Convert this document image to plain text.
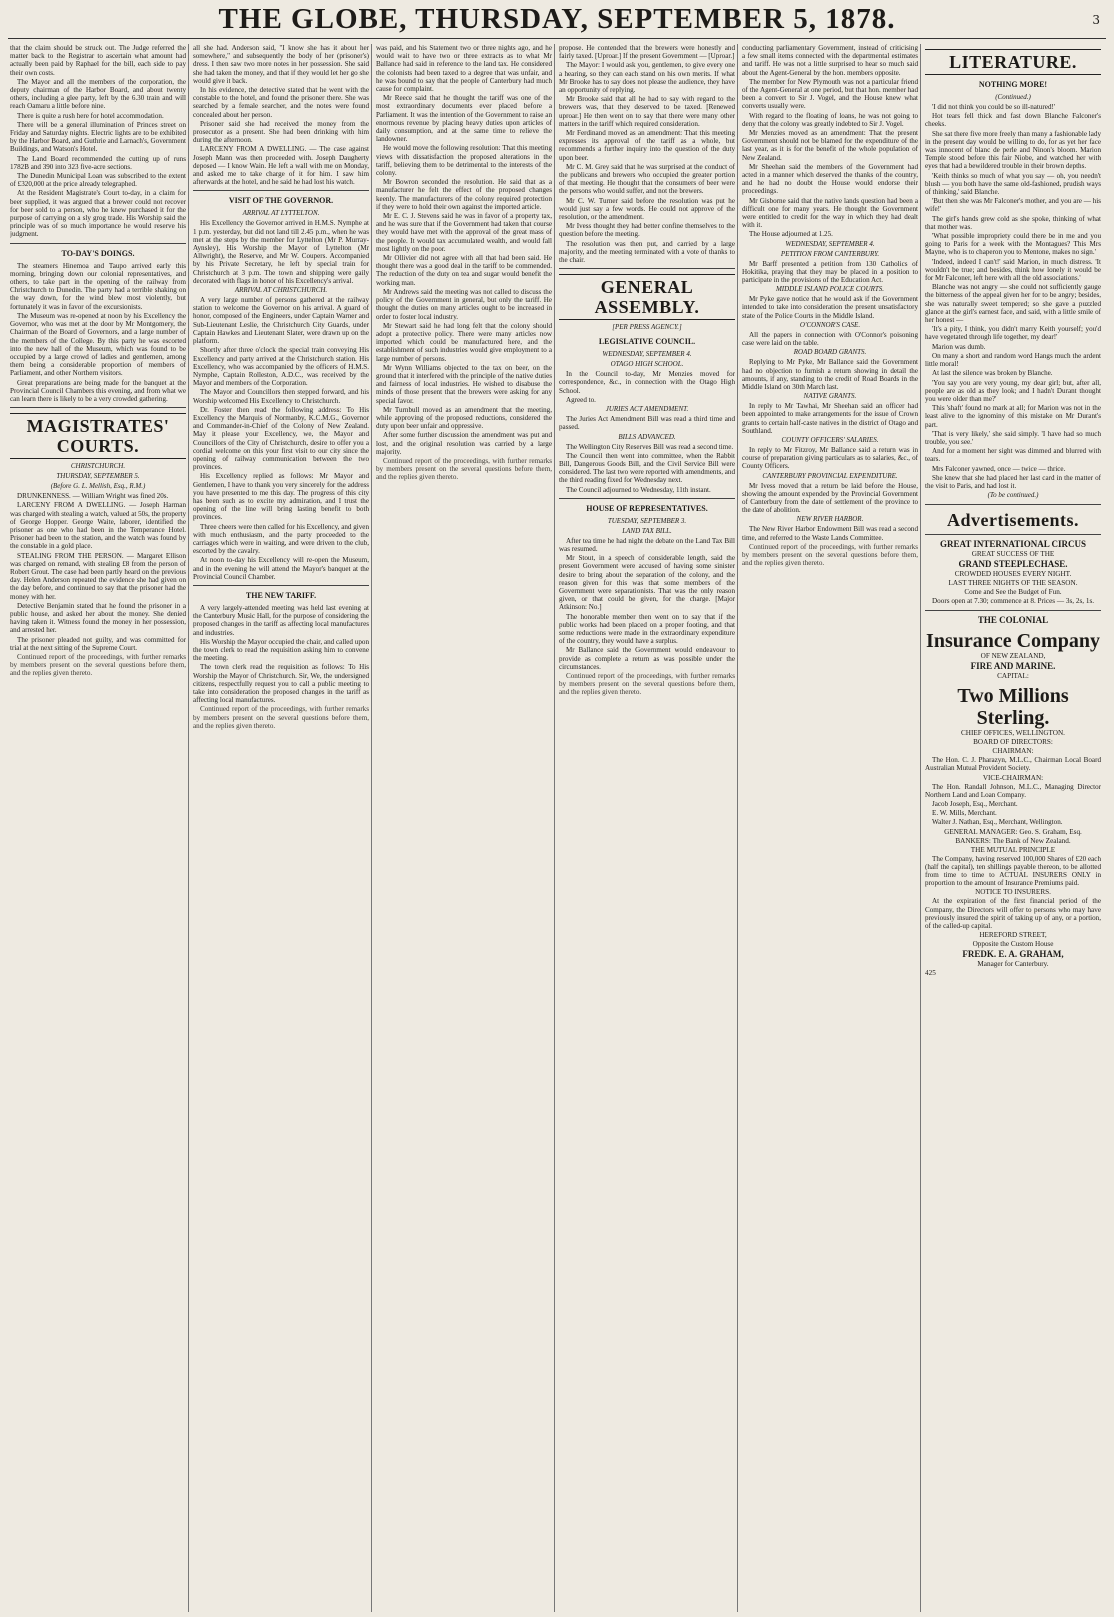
THE GLOBE, THURSDAY, SEPTEMBER 5, 1878.	3

that the claim should be struck out. The Judge referred the matter back to the Registrar to ascertain what amount had actually been paid by Raphael for the bill, each side to pay their own costs.

The Mayor and all the members of the corporation, the deputy chairman of the Harbor Board, and about twenty others, including a glee party, left by the 6.30 train and will reach Oamaru a little before nine.

There is quite a rush here for hotel accommodation.

There will be a general illumination of Princes street on Friday and Saturday nights. Electric lights are to be exhibited by the Harbor Board, and Guthrie and Larnach's, Government Buildings, and Watson's Hotel.

The Land Board recommended the cutting up of runs 1782B and 390 into 323 five-acre sections.

The Dunedin Municipal Loan was subscribed to the extent of £320,000 at the price already telegraphed.

At the Resident Magistrate's Court to-day, in a claim for beer supplied, it was argued that a brewer could not recover for beer sold to a person, who he knew purchased it for the purpose of carrying on a sly grog trade. His Worship said the principle was of so much importance he would reserve his judgment.

TO-DAY'S DOINGS.

The steamers Hinemoa and Taupo arrived early this morning, bringing down our colonial representatives, and others, to take part in the opening of the railway from Christchurch to Dunedin. The party had a terrible shaking on the way down, for the wind blew most violently, but fortunately it was in favor of the excursionists.

The Museum was re-opened at noon by his Excellency the Governor, who was met at the door by Mr Montgomery, the Chairman of the Board of Governors, and a large number of the members of the College. By this party he was escorted into the new hall of the Museum, which was found to be occupied by a large crowd of ladies and gentlemen, among them being a considerable proportion of members of Parliament, and other Northern visitors.

Great preparations are being made for the banquet at the Provincial Council Chambers this evening, and from what we can learn there is likely to be a very crowded gathering.

MAGISTRATES' COURTS.
CHRISTCHURCH.
THURSDAY, SEPTEMBER 5.
(Before G. L. Mellish, Esq., R.M.)

DRUNKENNESS. — William Wright was fined 20s.

LARCENY FROM A DWELLING. — Joseph Harman was charged with stealing a watch, valued at 50s, the property of George Hopper. George Waite, laborer, identified the prisoner as one who had been in the Temperance Hotel. Prisoner had been to the station, and the watch was found by the constable in a gold place.

STEALING FROM THE PERSON. — Margaret Ellison was charged on remand, with stealing £8 from the person of Robert Grout. The case had been partly heard on the previous day. Helen Anderson repeated the evidence she had given on the day before, and continued to say that the prisoner had the money with her.

Detective Benjamin stated that he found the prisoner in a public house, and asked her about the money. She denied having taken it. Witness found the money in her possession, and arrested her.

The prisoner pleaded not guilty, and was committed for trial at the next sitting of the Supreme Court.

Continued report of the proceedings, with further remarks by members present on the several questions before them, and the replies given thereto.

all she had. Anderson said, "I know she has it about her somewhere," and subsequently the body of her (prisoner's) dress. I then saw two more notes in her possession. She said she had taken the money, and that if they would let her go she would give it back.

In his evidence, the detective stated that he went with the constable to the hotel, and found the prisoner there. She was searched by a female searcher, and the notes were found concealed about her person.

Prisoner said she had received the money from the prosecutor as a present. She had been drinking with him during the afternoon.

LARCENY FROM A DWELLING. — The case against Joseph Mann was then proceeded with. Joseph Daugherty deposed — I know Wain. He left a wall with me on Monday, and asked me to take charge of it for him. I saw him afterwards at the hotel, and he said he had lost his watch.

VISIT OF THE GOVERNOR.
ARRIVAL AT LYTTELTON.

His Excellency the Governor arrived in H.M.S. Nymphe at 1 p.m. yesterday, but did not land till 2.45 p.m., when he was met at the steps by the member for Lyttelton (Mr P. Murray-Aynsley), His Worship the Mayor of Lyttelton (Mr Allwright), the Reserve, and Mr W. Coupers. Accompanied by his Private Secretary, he left by special train for Christchurch at 3 p.m. The town and shipping were gaily decorated with flags in honor of his Excellency's arrival.

ARRIVAL AT CHRISTCHURCH.

A very large number of persons gathered at the railway station to welcome the Governor on his arrival. A guard of honor, composed of the Engineers, under Captain Warner and Sub-Lieutenant Leslie, the Christchurch City Guards, under Captain Hawkes and Lieutenant Slater, were drawn up on the platform.

Shortly after three o'clock the special train conveying His Excellency and party arrived at the Christchurch station. His Excellency, who was accompanied by the officers of H.M.S. Nymphe, Captain Rolleston, A.D.C., was received by the Mayor and members of the Corporation.

The Mayor and Councillors then stepped forward, and his Worship welcomed His Excellency to Christchurch.

Dr. Foster then read the following address: To His Excellency the Marquis of Normanby, K.C.M.G., Governor and Commander-in-Chief of the Colony of New Zealand. May it please your Excellency, we, the Mayor and Councillors of the City of Christchurch, desire to offer you a cordial welcome on this your first visit to our city since the opening of railway communication between the two provinces.

His Excellency replied as follows: Mr Mayor and Gentlemen, I have to thank you very sincerely for the address you have presented to me this day. The progress of this city has been such as to excite my admiration, and I trust the opening of the line will bring lasting benefit to both provinces.

Three cheers were then called for his Excellency, and given with much enthusiasm, and the party proceeded to the carriages which were in waiting, and were driven to the club, escorted by the cavalry.

At noon to-day his Excellency will re-open the Museum, and in the evening he will attend the Mayor's banquet at the Provincial Council Chamber.

THE NEW TARIFF.

A very largely-attended meeting was held last evening at the Canterbury Music Hall, for the purpose of considering the proposed changes in the tariff as affecting local manufactures and industries.

His Worship the Mayor occupied the chair, and called upon the town clerk to read the requisition asking him to convene the meeting.

The town clerk read the requisition as follows: To His Worship the Mayor of Christchurch. Sir, We, the undersigned citizens, respectfully request you to call a public meeting to take into consideration the proposed changes in the tariff as affecting local manufactures.

Continued report of the proceedings, with further remarks by members present on the several questions before them, and the replies given thereto.

was paid, and his Statement two or three nights ago, and he would wait to have two or three extracts as to what Mr Ballance had said in reference to the land tax. He considered the colonists had been taxed to a degree that was unfair, and he was bound to say that the people of Canterbury had much cause for complaint.

Mr Reece said that he thought the tariff was one of the most extraordinary documents ever placed before a Parliament. It was the intention of the Government to raise an enormous revenue by placing heavy duties upon articles of daily consumption, and at the same time to relieve the landowner.

He would move the following resolution: That this meeting views with dissatisfaction the proposed alterations in the tariff, believing them to be detrimental to the interests of the colony.

Mr Bowron seconded the resolution. He said that as a manufacturer he felt the effect of the proposed changes keenly. The manufacturers of the colony required protection if they were to hold their own against the imported article.

Mr E. C. J. Stevens said he was in favor of a property tax, and he was sure that if the Government had taken that course they would have met with the approval of the great mass of the people. It would tax accumulated wealth, and would fall most lightly on the poor.

Mr Ollivier did not agree with all that had been said. He thought there was a good deal in the tariff to be commended. The reduction of the duty on tea and sugar would benefit the working man.

Mr Andrews said the meeting was not called to discuss the policy of the Government in general, but only the tariff. He thought the duties on many articles ought to be increased in order to foster local industry.

Mr Stewart said he had long felt that the colony should adopt a protective policy. There were many articles now imported which could be manufactured here, and the establishment of such industries would give employment to a large number of persons.

Mr Wynn Williams objected to the tax on beer, on the ground that it interfered with the principle of the native duties and fairness of local industries. He wished to disabuse the minds of those present that the brewers were asking for any special favor.

Mr Turnbull moved as an amendment that the meeting, while approving of the proposed reductions, considered the duty upon beer unfair and oppressive.

After some further discussion the amendment was put and lost, and the original resolution was carried by a large majority.

Continued report of the proceedings, with further remarks by members present on the several questions before them, and the replies given thereto.

propose. He contended that the brewers were honestly and fairly taxed. [Uproar.] If the present Government — [Uproar.]

The Mayor: I would ask you, gentlemen, to give every one a hearing, so they can each stand on his own merits. If what Mr Brooke has to say does not please the audience, they have an opportunity of replying.

Mr Brooke said that all he had to say with regard to the brewers was, that they deserved to be taxed. [Renewed uproar.] He then went on to say that there were many other matters in the tariff which required consideration.

Mr Ferdinand moved as an amendment: That this meeting expresses its approval of the tariff as a whole, but recommends a further inquiry into the question of the duty upon beer.

Mr C. M. Grey said that he was surprised at the conduct of the publicans and brewers who occupied the greater portion of that meeting. He thought that the consumers of beer were the persons who would suffer, and not the brewers.

Mr C. W. Turner said before the resolution was put he would just say a few words. He could not approve of the resolution, or the amendment.

Mr Ivess thought they had better confine themselves to the question before the meeting.

The resolution was then put, and carried by a large majority, and the meeting terminated with a vote of thanks to the chair.

GENERAL ASSEMBLY.
[PER PRESS AGENCY.]
LEGISLATIVE COUNCIL.
WEDNESDAY, SEPTEMBER 4.
OTAGO HIGH SCHOOL.

In the Council to-day, Mr Menzies moved for correspondence, &c., in connection with the Otago High School.

Agreed to.

JURIES ACT AMENDMENT.

The Juries Act Amendment Bill was read a third time and passed.

BILLS ADVANCED.

The Wellington City Reserves Bill was read a second time.

The Council then went into committee, when the Rabbit Bill, Dangerous Goods Bill, and the Civil Service Bill were considered. The last two were reported with amendments, and the third reading fixed for Wednesday next.

The Council adjourned to Wednesday, 11th instant.

HOUSE OF REPRESENTATIVES.
TUESDAY, SEPTEMBER 3.
LAND TAX BILL.

After tea time he had night the debate on the Land Tax Bill was resumed.

Mr Stout, in a speech of considerable length, said the present Government were accused of having some sinister desire to bring about the separation of the colony, and the reason given for this was that some members of the Government were separationists. That was the only reason given, or that could be given, for the charge. [Major Atkinson: No.]

The honorable member then went on to say that if the public works had been placed on a proper footing, and that some reductions were made in the extraordinary expenditure of the country, they would have a surplus.

Mr Ballance said the Government would endeavour to provide as complete a return as was possible under the circumstances.

Continued report of the proceedings, with further remarks by members present on the several questions before them, and the replies given thereto.

conducting parliamentary Government, instead of criticising a few small items connected with the departmental estimates and tariff. He was not a little surprised to hear so much said about the Agent-General by the hon. members opposite.

The member for New Plymouth was not a particular friend of the Agent-General at one period, but that hon. member had been a convert to Sir J. Vogel, and the House knew what converts usually were.

With regard to the floating of loans, he was not going to deny that the colony was greatly indebted to Sir J. Vogel.

Mr Menzies moved as an amendment: That the present Government should not be blamed for the expenditure of the last year, as it is for the benefit of the whole population of New Zealand.

Mr Sheehan said the members of the Government had acted in a manner which deserved the thanks of the country, and he had no doubt the House would endorse their proceedings.

Mr Gisborne said that the native lands question had been a difficult one for many years. He thought the Government were entitled to credit for the way in which they had dealt with it.

The House adjourned at 1.25.

WEDNESDAY, SEPTEMBER 4.
PETITION FROM CANTERBURY.

Mr Barff presented a petition from 130 Catholics of Hokitika, praying that they may be placed in a position to participate in the provisions of the Education Act.

MIDDLE ISLAND POLICE COURTS.

Mr Pyke gave notice that he would ask if the Government intended to take into consideration the present unsatisfactory state of the Police Courts in the Middle Island.

O'CONNOR'S CASE.

All the papers in connection with O'Connor's poisoning case were laid on the table.

ROAD BOARD GRANTS.

Replying to Mr Pyke, Mr Ballance said the Government had no objection to furnish a return showing in detail the amounts, if any, standing to the credit of Road Boards in the Middle Island on 30th March last.

NATIVE GRANTS.

In reply to Mr Tawhai, Mr Sheehan said an officer had been appointed to make arrangements for the issue of Crown grants to certain half-caste natives in the district of Otago and Southland.

COUNTY OFFICERS' SALARIES.

In reply to Mr Fitzroy, Mr Ballance said a return was in course of preparation giving particulars as to salaries, &c., of County Officers.

CANTERBURY PROVINCIAL EXPENDITURE.

Mr Ivess moved that a return be laid before the House, showing the amount expended by the Provincial Government of Canterbury from the date of settlement of the province to the date of abolition.

NEW RIVER HARBOR.

The New River Harbor Endowment Bill was read a second time, and referred to the Waste Lands Committee.

Continued report of the proceedings, with further remarks by members present on the several questions before them, and the replies given thereto.

LITERATURE.
NOTHING MORE!
(Continued.)

'I did not think you could be so ill-natured!'

Hot tears fell thick and fast down Blanche Falconer's cheeks.

She sat there five more freely than many a fashionable lady in the present day would be willing to do, for as yet her face was innocent of blanc de perle and Ninon's bloom. Marion Temple stood before this fair Niobe, and watched her with eyes that had a bewildered trouble in their brown depths.

'Keith thinks so much of what you say — oh, you needn't blush — you both have the same old-fashioned, prudish ways of thinking,' said Blanche.

'But then she was Mr Falconer's mother, and you are — his wife!'

The girl's hands grew cold as she spoke, thinking of what that mother was.

'What possible impropriety could there be in me and you going to Paris for a week with the Montagues? This Mrs Mayne, who is to chaperon you to Mentone, makes no sign.'

'Indeed, indeed I can't!' said Marion, in much distress. 'It wouldn't be true; and besides, think how lonely it would be for Mr Falconer, left here with all the old associations.'

Blanche was not angry — she could not sufficiently gauge the bitterness of the appeal given her for to be angry; besides, she was naturally sweet tempered; so she gave a puzzled glance at the girl's earnest face, and said, with a little smile of her honest —

'It's a pity, I think, you didn't marry Keith yourself; you'd have vegetated through life together, my dear!'

Marion was dumb.

On many a short and random word Hangs much the ardent little moral!

At last the silence was broken by Blanche.

'You say you are very young, my dear girl; but, after all, people are as old as they look; and I hadn't Durant thought you were older than me?'

This 'shaft' found no mark at all; for Marion was not in the least alive to the ignominy of this mistake on Mr Durant's part.

'That is very likely,' she said simply. 'I have had so much trouble, you see.'

And for a moment her sight was dimmed and blurred with tears.

Mrs Falconer yawned, once — twice — thrice.

She knew that she had placed her last card in the matter of the visit to Paris, and had lost it.

(To be continued.)
Advertisements.
GREAT INTERNATIONAL CIRCUS
GREAT SUCCESS OF THE
GRAND STEEPLECHASE.
CROWDED HOUSES EVERY NIGHT.
LAST THREE NIGHTS OF THE SEASON.
Come and See the Budget of Fun.
Doors open at 7.30; commence at 8. Prices — 3s, 2s, 1s.
THE COLONIAL
Insurance Company
OF NEW ZEALAND,
FIRE AND MARINE.
CAPITAL:
Two Millions Sterling.
CHIEF OFFICES, WELLINGTON.
BOARD OF DIRECTORS:
CHAIRMAN:

The Hon. C. J. Pharazyn, M.L.C., Chairman Local Board Australian Mutual Provident Society.

VICE-CHAIRMAN:

The Hon. Randall Johnson, M.L.C., Managing Director Northern Land and Loan Company.

Jacob Joseph, Esq., Merchant.

E. W. Mills, Merchant.

Walter J. Nathan, Esq., Merchant, Wellington.

GENERAL MANAGER: Geo. S. Graham, Esq.
BANKERS: The Bank of New Zealand.
THE MUTUAL PRINCIPLE

The Company, having reserved 100,000 Shares of £20 each (half the capital), ten shillings payable thereon, to be allotted from time to time to ACTUAL INSURERS ONLY in proportion to the amount of Insurance Premiums paid.

NOTICE TO INSURERS.

At the expiration of the first financial period of the Company, the Directors will offer to persons who may have previously insured the spirit of taking up of any, or a portion, of the called-up capital.

HEREFORD STREET,
Opposite the Custom House
FREDK. E. A. GRAHAM,
Manager for Canterbury.
425
